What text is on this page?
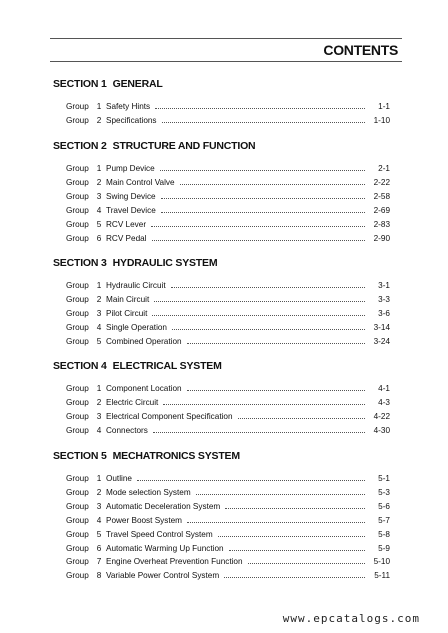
CONTENTS
SECTION 1 GENERAL
Group 1 Safety Hints	1-1
Group 2 Specifications	1-10
SECTION 2 STRUCTURE AND FUNCTION
Group 1 Pump Device	2-1
Group 2 Main Control Valve	2-22
Group 3 Swing Device	2-58
Group 4 Travel Device	2-69
Group 5 RCV Lever	2-83
Group 6 RCV Pedal	2-90
SECTION 3 HYDRAULIC SYSTEM
Group 1 Hydraulic Circuit	3-1
Group 2 Main Circuit	3-3
Group 3 Pilot Circuit	3-6
Group 4 Single Operation	3-14
Group 5 Combined Operation	3-24
SECTION 4 ELECTRICAL SYSTEM
Group 1 Component Location	4-1
Group 2 Electric Circuit	4-3
Group 3 Electrical Component Specification	4-22
Group 4 Connectors	4-30
SECTION 5 MECHATRONICS SYSTEM
Group 1 Outline	5-1
Group 2 Mode selection System	5-3
Group 3 Automatic Deceleration System	5-6
Group 4 Power Boost System	5-7
Group 5 Travel Speed Control System	5-8
Group 6 Automatic Warming Up Function	5-9
Group 7 Engine Overheat Prevention Function	5-10
Group 8 Variable Power Control System	5-11
www.epcatalogs.com
